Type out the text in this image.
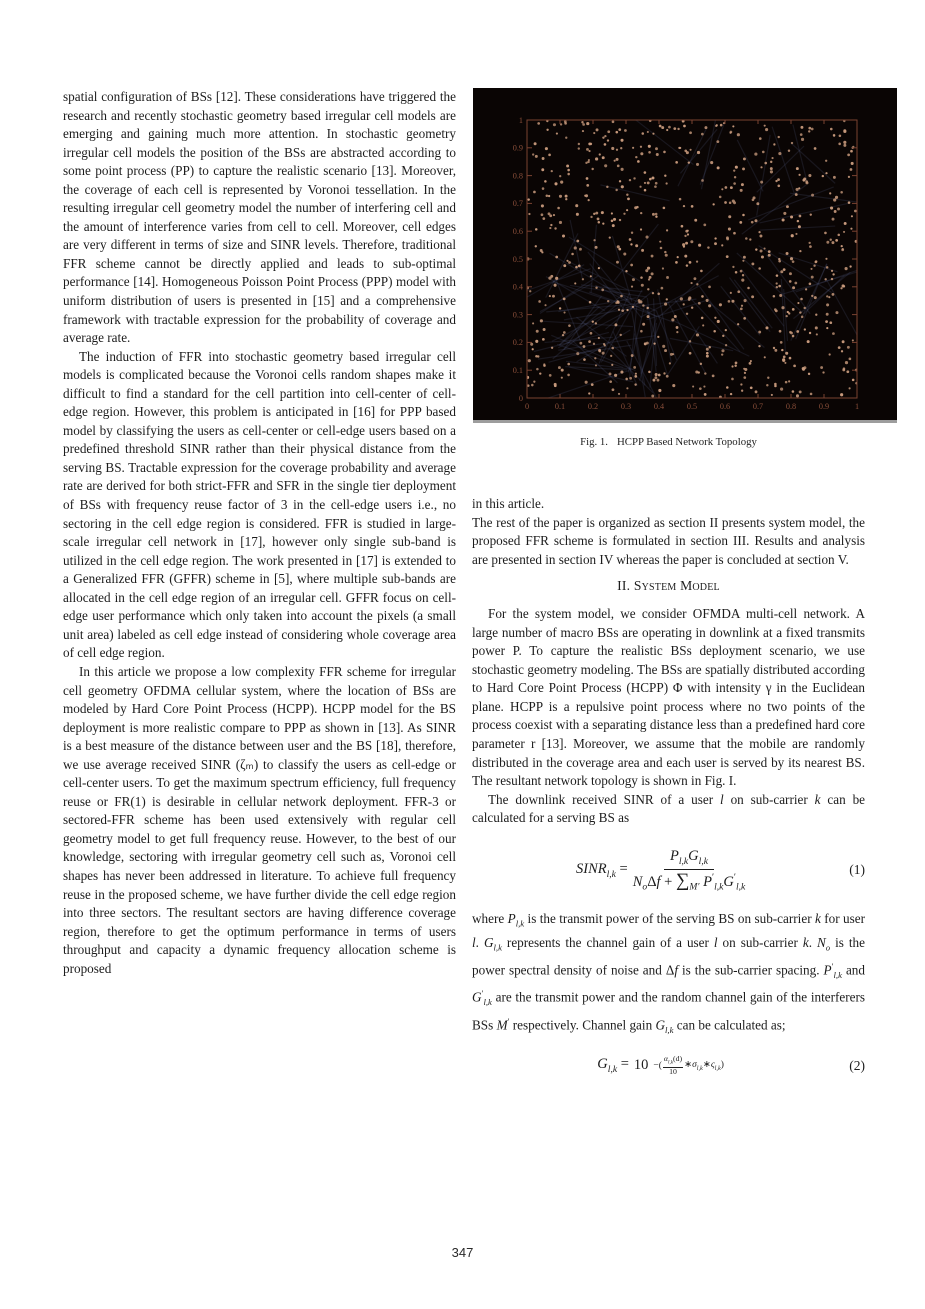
spatial configuration of BSs [12]. These considerations have triggered the research and recently stochastic geometry based irregular cell models are emerging and gaining much more attention. In stochastic geometry irregular cell models the position of the BSs are abstracted according to some point process (PP) to capture the realistic scenario [13]. Moreover, the coverage of each cell is represented by Voronoi tessellation. In the resulting irregular cell geometry model the number of interfering cell and the amount of interference varies from cell to cell. Moreover, cell edges are very different in terms of size and SINR levels. Therefore, traditional FFR scheme cannot be directly applied and leads to sub-optimal performance [14]. Homogeneous Poisson Point Process (PPP) model with uniform distribution of users is presented in [15] and a comprehensive framework with tractable expression for the probability of coverage and average rate.

The induction of FFR into stochastic geometry based irregular cell models is complicated because the Voronoi cells random shapes make it difficult to find a standard for the cell partition into cell-center of cell-edge region. However, this problem is anticipated in [16] for PPP based model by classifying the users as cell-center or cell-edge users based on a predefined threshold SINR rather than their physical distance from the serving BS. Tractable expression for the coverage probability and average rate are derived for both strict-FFR and SFR in the single tier deployment of BSs with frequency reuse factor of 3 in the cell-edge users i.e., no sectoring in the cell edge region is considered. FFR is studied in large-scale irregular cell network in [17], however only single sub-band is utilized in the cell edge region. The work presented in [17] is extended to a Generalized FFR (GFFR) scheme in [5], where multiple sub-bands are allocated in the cell edge region of an irregular cell. GFFR focus on cell-edge user performance which only taken into account the pixels (a small unit area) labeled as cell edge instead of considering whole coverage area of cell edge region.

In this article we propose a low complexity FFR scheme for irregular cell geometry OFDMA cellular system, where the location of BSs are modeled by Hard Core Point Process (HCPP). HCPP model for the BS deployment is more realistic compare to PPP as shown in [13]. As SINR is a best measure of the distance between user and the BS [18], therefore, we use average received SINR (ζₘ) to classify the users as cell-edge or cell-center users. To get the maximum spectrum efficiency, full frequency reuse or FR(1) is desirable in cellular network deployment. FFR-3 or sectored-FFR scheme has been used extensively with regular cell geometry model to get full frequency reuse. However, to the best of our knowledge, sectoring with irregular geometry cell such as, Voronoi cell shapes has never been addressed in literature. To achieve full frequency reuse in the proposed scheme, we have further divide the cell edge region into three sectors. The resultant sectors are having difference coverage region, therefore to get the optimum performance in terms of users throughput and capacity a dynamic frequency allocation scheme is proposed

0	0.1	0.2	0.3	0.4	0.5	0.6	0.7	0.8	0.9	1
0
0.1
0.2
0.3
0.4
0.5
0.6
0.7
0.8
0.9
1
Fig. 1. HCPP Based Network Topology

in this article.

The rest of the paper is organized as section II presents system model, the proposed FFR scheme is formulated in section III. Results and analysis are presented in section IV whereas the paper is concluded at section V.

II. System Model

For the system model, we consider OFMDA multi-cell network. A large number of macro BSs are operating in downlink at a fixed transmits power P. To capture the realistic BSs deployment scenario, we use stochastic geometry modeling. The BSs are spatially distributed according to Hard Core Point Process (HCPP) Φ with intensity γ in the Euclidean plane. HCPP is a repulsive point process where no two points of the process coexist with a separating distance less than a predefined hard core parameter r [13]. Moreover, we assume that the mobile are randomly distributed in the coverage area and each user is served by its nearest BS. The resultant network topology is shown in Fig. I.

The downlink received SINR of a user l on sub-carrier k can be calculated for a serving BS as

$SINR_{l,k} = \frac{P_{l,k}G_{l,k}}{N_o\Delta f + \sum_{M'} P'_{l,k}G'_{l,k}}$	(1)

where $P_{l,k}$ is the transmit power of the serving BS on sub-carrier k for user l. $G_{l,k}$ represents the channel gain of a user l on sub-carrier k. $N_o$ is the power spectral density of noise and Δf is the sub-carrier spacing. $P'_{l,k}$ and $G'_{l,k}$ are the transmit power and the random channel gain of the interferers BSs M′ respectively. Channel gain $G_{l,k}$ can be calculated as;

$G_{l,k} = 10$ −( $\frac{\alpha_{l,k}(d)}{10}$ $∗\sigma_{l,k}∗\varsigma_{l,k}$)	(2)
347
